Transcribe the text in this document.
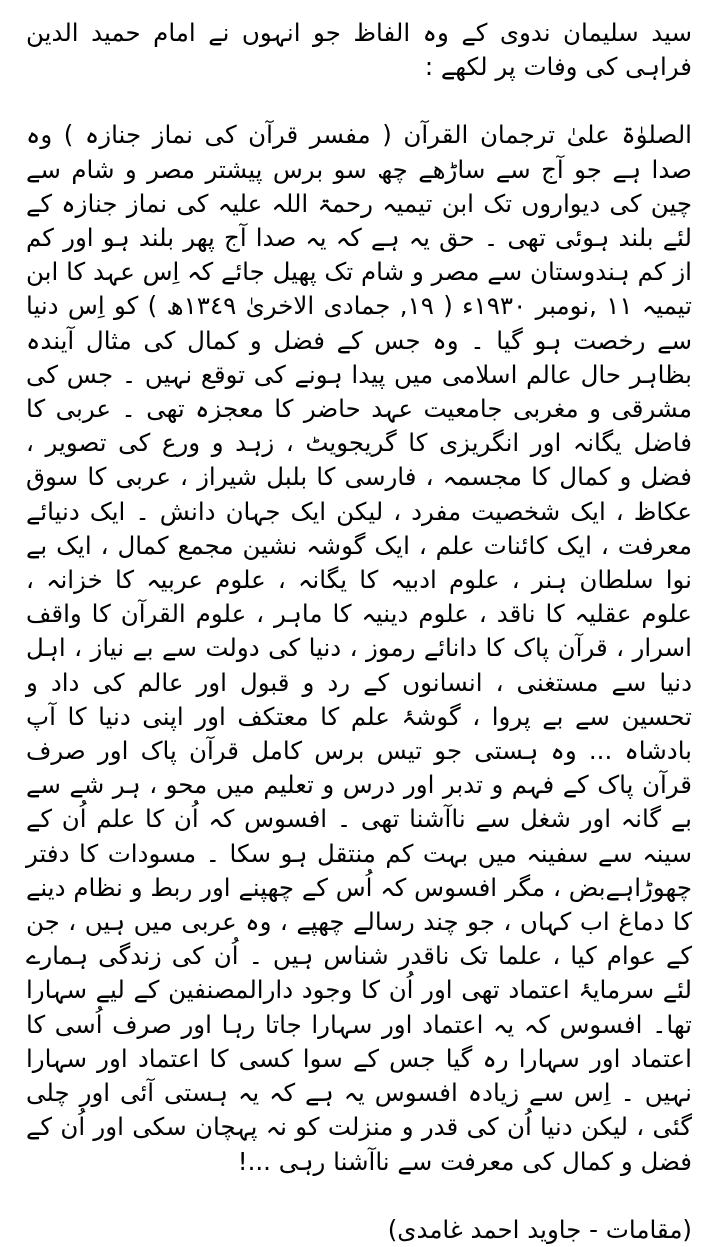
سید سلیمان ندوی کے وہ الفاظ جو انہوں نے امام حمید الدین فراہی کی وفات پر لکھے :

الصلوٰۃ علیٰ ترجمان القرآن ( مفسر قرآن کی نماز جنازہ ) وہ صدا ہے جو آج سے ساڑھے چھ سو برس پیشتر مصر و شام سے چین کی دیواروں تک ابن تیمیہ رحمۃ اللہ علیہ کی نماز جنازہ کے لئے بلند ہوئی تھی ۔ حق یہ ہے کہ یہ صدا آج پھر بلند ہو اور کم از کم ہندوستان سے مصر و شام تک پھیل جائے کہ اِس عہد کا ابن تیمیہ ١١ ,نومبر ١٩٣٠ء ( ١٩, جمادی الاخریٰ ١٣٤٩ھ ) کو اِس دنیا سے رخصت ہو گیا ۔ وہ جس کے فضل و کمال کی مثال آیندہ بظاہر حال عالم اسلامی میں پیدا ہونے کی توقع نہیں ۔ جس کی مشرقی و مغربی جامعیت عہد حاضر کا معجزہ تھی ۔ عربی کا فاضل یگانہ اور انگریزی کا گریجویٹ ، زہد و ورع کی تصویر ، فضل و کمال کا مجسمہ ، فارسی کا بلبل شیراز ، عربی کا سوق عکاظ ، ایک شخصیت مفرد ، لیکن ایک جہان دانش ۔ ایک دنیائے معرفت ، ایک کائنات علم ، ایک گوشہ نشین مجمع کمال ، ایک بے نوا سلطان ہنر ، علوم ادبیہ کا یگانہ ، علوم عربیہ کا خزانہ ، علوم عقلیہ کا ناقد ، علوم دینیہ کا ماہر ، علوم القرآن کا واقف اسرار ، قرآن پاک کا دانائے رموز ، دنیا کی دولت سے بے نیاز ، اہل دنیا سے مستغنی ، انسانوں کے رد و قبول اور عالم کی داد و تحسین سے بے پروا ، گوشۂ علم کا معتکف اور اپنی دنیا کا آپ بادشاہ ... وہ ہستی جو تیس برس کامل قرآن پاک اور صرف قرآن پاک کے فہم و تدبر اور درس و تعلیم میں محو ، ہر شے سے بے گانہ اور شغل سے ناآشنا تھی ۔ افسوس کہ اُن کا علم اُن کے سینہ سے سفینہ میں بہت کم منتقل ہو سکا ۔ مسودات کا دفتر چھوڑاہےبض ، مگر افسوس کہ اُس کے چھپنے اور ربط و نظام دینے کا دماغ اب کہاں ، جو چند رسالے چھپے ، وہ عربی میں ہیں ، جن کے عوام کیا ، علما تک ناقدر شناس ہیں ۔ اُن کی زندگی ہمارے لئے سرمایۂ اعتماد تھی اور اُن کا وجود دارالمصنفین کے لیے سہارا تھا۔ افسوس کہ یہ اعتماد اور سہارا جاتا رہا اور صرف اُسی کا اعتماد اور سہارا رہ گیا جس کے سوا کسی کا اعتماد اور سہارا نہیں ۔ اِس سے زیادہ افسوس یہ ہے کہ یہ ہستی آئی اور چلی گئی ، لیکن دنیا اُن کی قدر و منزلت کو نہ پہچان سکی اور اُن کے فضل و کمال کی معرفت سے ناآشنا رہی ...!

(مقامات - جاوید احمد غامدی)
